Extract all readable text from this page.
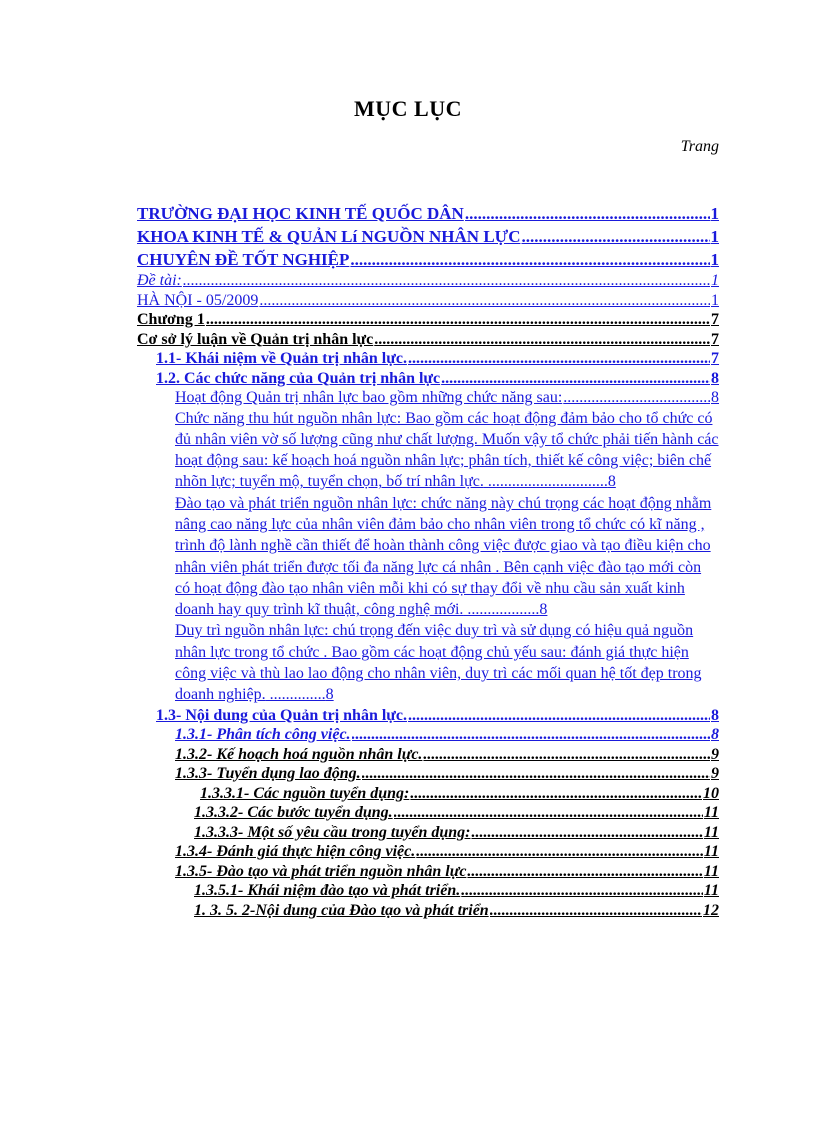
MỤC LỤC
Trang
TRƯỜNG ĐẠI HỌC KINH TẾ QUỐC DÂN .....	1
KHOA KINH TẾ & QUẢN Lí NGUỒN NHÂN LỰC .....	1
CHUYÊN ĐỀ TỐT NGHIỆP .....	1
Đề tài: .....	1
HÀ NỘI - 05/2009 .....	1
Chương 1 .....	7
Cơ sở lý luận về Quản trị nhân lực .....	7
1.1- Khái niệm về Quản trị nhân lực. .....	7
1.2. Các chức năng của Quản trị nhân lực .....	8
Hoạt động Quản trị nhân lực bao gồm những chức năng sau: .....	8
Chức năng thu hút nguồn nhân lực: Bao gồm các hoạt động đảm bảo cho tổ chức có đủ nhân viên vờ số lượng cũng như chất lượng. Muốn vậy tổ chức phải tiến hành các hoạt động sau: kế hoạch hoá nguồn nhân lực; phân tích, thiết kế công việc; biên chế nhõn lực; tuyển mộ, tuyển chọn, bố trí nhân lực. ..............................8
Đào tạo và phát triển nguồn nhân lực: chức năng này chú trọng các hoạt động nhằm nâng cao năng lực của nhân viên đảm bảo cho nhân viên trong tổ chức có kĩ năng , trình độ lành nghề cần thiết để hoàn thành công việc được giao và tạo điều kiện cho nhân viên phát triển được tối đa năng lực cá nhân . Bên cạnh việc đào tạo mới còn có hoạt động đào tạo nhân viên mỗi khi có sự thay đổi về nhu cầu sản xuất kinh doanh hay quy trình kĩ thuật, công nghệ mới. ..................8
Duy trì nguồn nhân lực: chú trọng đến việc duy trì và sử dụng có hiệu quả nguồn nhân lực trong tổ chức . Bao gồm các hoạt động chủ yếu sau: đánh giá thực hiện công việc và thù lao lao động cho nhân viên, duy trì các mối quan hệ tốt đẹp trong doanh nghiệp. ..............8
1.3- Nội dung của Quản trị nhân lực. .....	8
1.3.1- Phân tích công việc. .....	8
1.3.2- Kế hoạch hoá nguồn nhân lực. .....	9
1.3.3- Tuyển dụng lao động. .....	9
1.3.3.1- Các nguồn tuyển dụng: .....	10
1.3.3.2- Các bước tuyển dụng. .....	11
1.3.3.3- Một số yêu cầu trong tuyển dụng: .....	11
1.3.4- Đánh giá thực hiện công việc. .....	11
1.3.5- Đào tạo và phát triển nguồn nhân lực .....	11
1.3.5.1- Khái niệm đào tạo và phát triển. .....	11
1. 3. 5. 2-Nội dung của Đào tạo và phát triển .....	12
